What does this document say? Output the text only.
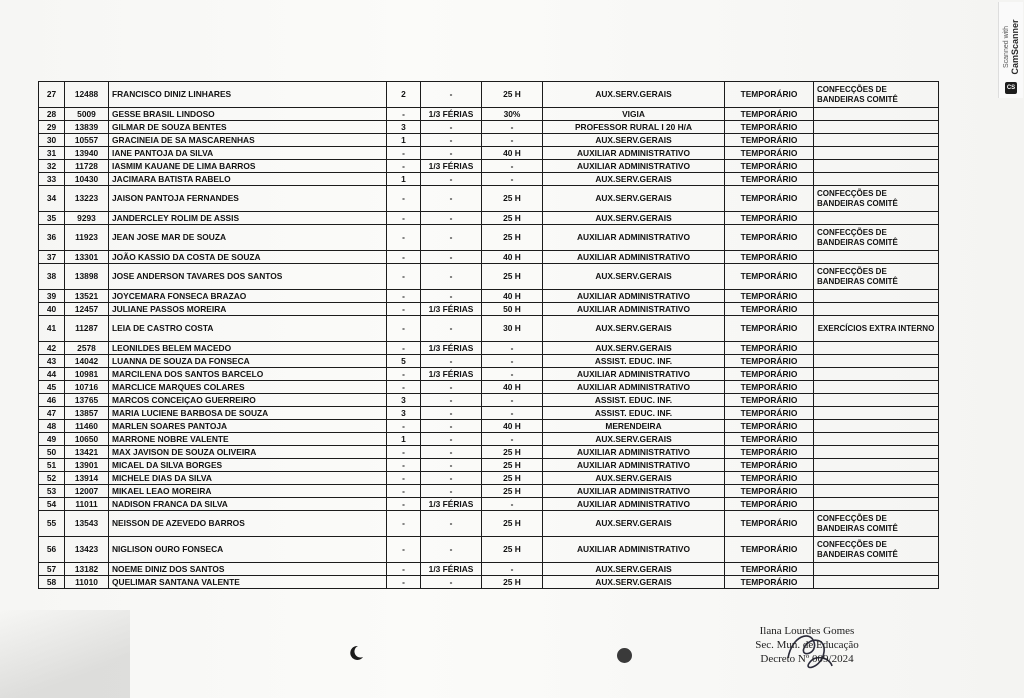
Scanned with CamScanner
CS
27	12488	FRANCISCO DINIZ LINHARES	2	-	25 H	AUX.SERV.GERAIS	TEMPORÁRIO	CONFECÇÕES DE BANDEIRAS COMITÊ
28	5009	GESSE BRASIL LINDOSO	-	1/3 FÉRIAS	30%	VIGIA	TEMPORÁRIO	
29	13839	GILMAR DE SOUZA BENTES	3	-	-	PROFESSOR RURAL I 20 H/A	TEMPORÁRIO	
30	10557	GRACINEIA DE SA MASCARENHAS	1	-	-	AUX.SERV.GERAIS	TEMPORÁRIO	
31	13940	IANE PANTOJA DA SILVA	-	-	40 H	AUXILIAR ADMINISTRATIVO	TEMPORÁRIO	
32	11728	IASMIM KAUANE DE LIMA BARROS	-	1/3 FÉRIAS	-	AUXILIAR ADMINISTRATIVO	TEMPORÁRIO	
33	10430	JACIMARA BATISTA RABELO	1	-	-	AUX.SERV.GERAIS	TEMPORÁRIO	
34	13223	JAISON PANTOJA FERNANDES	-	-	25 H	AUX.SERV.GERAIS	TEMPORÁRIO	CONFECÇÕES DE BANDEIRAS COMITÊ
35	9293	JANDERCLEY ROLIM DE ASSIS	-	-	25 H	AUX.SERV.GERAIS	TEMPORÁRIO	
36	11923	JEAN JOSE MAR DE SOUZA	-	-	25 H	AUXILIAR ADMINISTRATIVO	TEMPORÁRIO	CONFECÇÕES DE BANDEIRAS COMITÊ
37	13301	JOÃO KASSIO DA COSTA DE SOUZA	-	-	40 H	AUXILIAR ADMINISTRATIVO	TEMPORÁRIO	
38	13898	JOSE ANDERSON TAVARES DOS SANTOS	-	-	25 H	AUX.SERV.GERAIS	TEMPORÁRIO	CONFECÇÕES DE BANDEIRAS COMITÊ
39	13521	JOYCEMARA FONSECA BRAZAO	-	-	40 H	AUXILIAR ADMINISTRATIVO	TEMPORÁRIO	
40	12457	JULIANE PASSOS MOREIRA	-	1/3 FÉRIAS	50 H	AUXILIAR ADMINISTRATIVO	TEMPORÁRIO	
41	11287	LEIA DE CASTRO COSTA	-	-	30 H	AUX.SERV.GERAIS	TEMPORÁRIO	EXERCÍCIOS EXTRA INTERNO
42	2578	LEONILDES BELEM MACEDO	-	1/3 FÉRIAS	-	AUX.SERV.GERAIS	TEMPORÁRIO	
43	14042	LUANNA DE SOUZA DA FONSECA	5	-	-	ASSIST. EDUC. INF.	TEMPORÁRIO	
44	10981	MARCILENA DOS SANTOS BARCELO	-	1/3 FÉRIAS	-	AUXILIAR ADMINISTRATIVO	TEMPORÁRIO	
45	10716	MARCLICE MARQUES COLARES	-	-	40 H	AUXILIAR ADMINISTRATIVO	TEMPORÁRIO	
46	13765	MARCOS CONCEIÇAO GUERREIRO	3	-	-	ASSIST. EDUC. INF.	TEMPORÁRIO	
47	13857	MARIA LUCIENE BARBOSA DE SOUZA	3	-	-	ASSIST. EDUC. INF.	TEMPORÁRIO	
48	11460	MARLEN SOARES PANTOJA	-	-	40 H	MERENDEIRA	TEMPORÁRIO	
49	10650	MARRONE NOBRE VALENTE	1	-	-	AUX.SERV.GERAIS	TEMPORÁRIO	
50	13421	MAX JAVISON DE SOUZA OLIVEIRA	-	-	25 H	AUXILIAR ADMINISTRATIVO	TEMPORÁRIO	
51	13901	MICAEL DA SILVA BORGES	-	-	25 H	AUXILIAR ADMINISTRATIVO	TEMPORÁRIO	
52	13914	MICHELE DIAS DA SILVA	-	-	25 H	AUX.SERV.GERAIS	TEMPORÁRIO	
53	12007	MIKAEL LEAO MOREIRA	-	-	25 H	AUXILIAR ADMINISTRATIVO	TEMPORÁRIO	
54	11011	NADISON FRANCA DA SILVA	-	1/3 FÉRIAS	-	AUXILIAR ADMINISTRATIVO	TEMPORÁRIO	
55	13543	NEISSON DE AZEVEDO BARROS	-	-	25 H	AUX.SERV.GERAIS	TEMPORÁRIO	CONFECÇÕES DE BANDEIRAS COMITÊ
56	13423	NIGLISON OURO FONSECA	-	-	25 H	AUXILIAR ADMINISTRATIVO	TEMPORÁRIO	CONFECÇÕES DE BANDEIRAS COMITÊ
57	13182	NOEME DINIZ DOS SANTOS	-	1/3 FÉRIAS	-	AUX.SERV.GERAIS	TEMPORÁRIO	
58	11010	QUELIMAR SANTANA VALENTE	-	-	25 H	AUX.SERV.GERAIS	TEMPORÁRIO	
Ilana Lourdes Gomes
Sec. Mun. de Educação
Decreto Nº 009/2024
